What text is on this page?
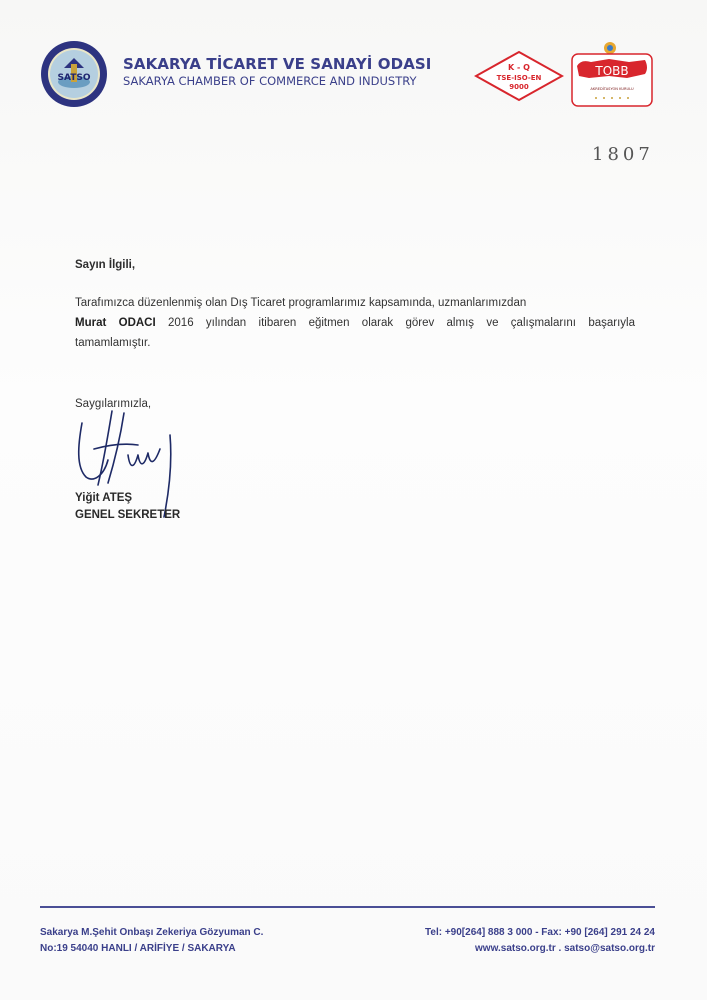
SATSO
SAKARYA TİCARET VE SANAYİ ODASI
SAKARYA CHAMBER OF COMMERCE AND INDUSTRY
K - Q
TSE-ISO-EN
9000
TOBB
AKREDİTASYON KURULU
1807
Sayın İlgili,
Tarafımızca düzenlenmiş olan Dış Ticaret programlarımız kapsamında, uzmanlarımızdan
Murat ODACI 2016 yılından itibaren eğitmen olarak görev almış ve çalışmalarını başarıyla
tamamlamıştır.
Saygılarımızla,
Yiğit ATEŞ
GENEL SEKRETER
Sakarya M.Şehit Onbaşı Zekeriya Gözyuman C.
No:19 54040 HANLI / ARİFİYE / SAKARYA
Tel: +90[264] 888 3 000 - Fax: +90 [264] 291 24 24
www.satso.org.tr . satso@satso.org.tr
